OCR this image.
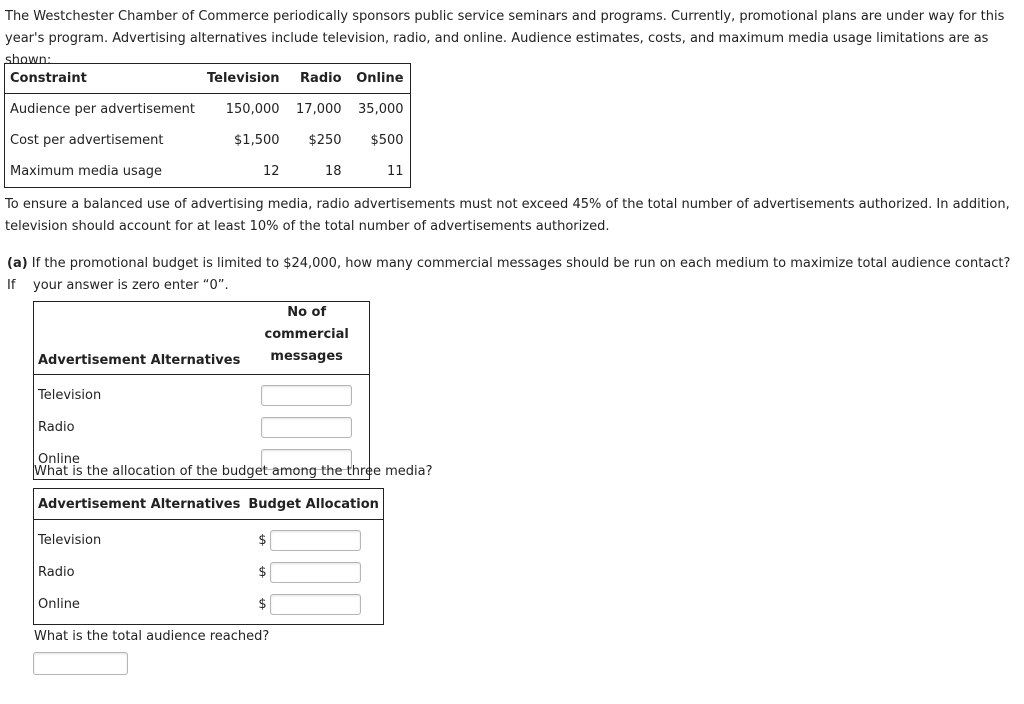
The Westchester Chamber of Commerce periodically sponsors public service seminars and programs. Currently, promotional plans are under way for this year's program. Advertising alternatives include television, radio, and online. Audience estimates, costs, and maximum media usage limitations are as shown:

Constraint	Television	Radio	Online
Audience per advertisement	150,000	17,000	35,000
Cost per advertisement	$1,500	$250	$500
Maximum media usage	12	18	11

To ensure a balanced use of advertising media, radio advertisements must not exceed 45% of the total number of advertisements authorized. In addition, television should account for at least 10% of the total number of advertisements authorized.

(a) If the promotional budget is limited to $24,000, how many commercial messages should be run on each medium to maximize total audience contact? If	your answer is zero enter “0”.

Advertisement Alternatives	No of commercial
messages
Television	
Radio	
Online	

What is the allocation of the budget among the three media?

Advertisement Alternatives	Budget Allocation
Television	$
Radio	$
Online	$

What is the total audience reached?
